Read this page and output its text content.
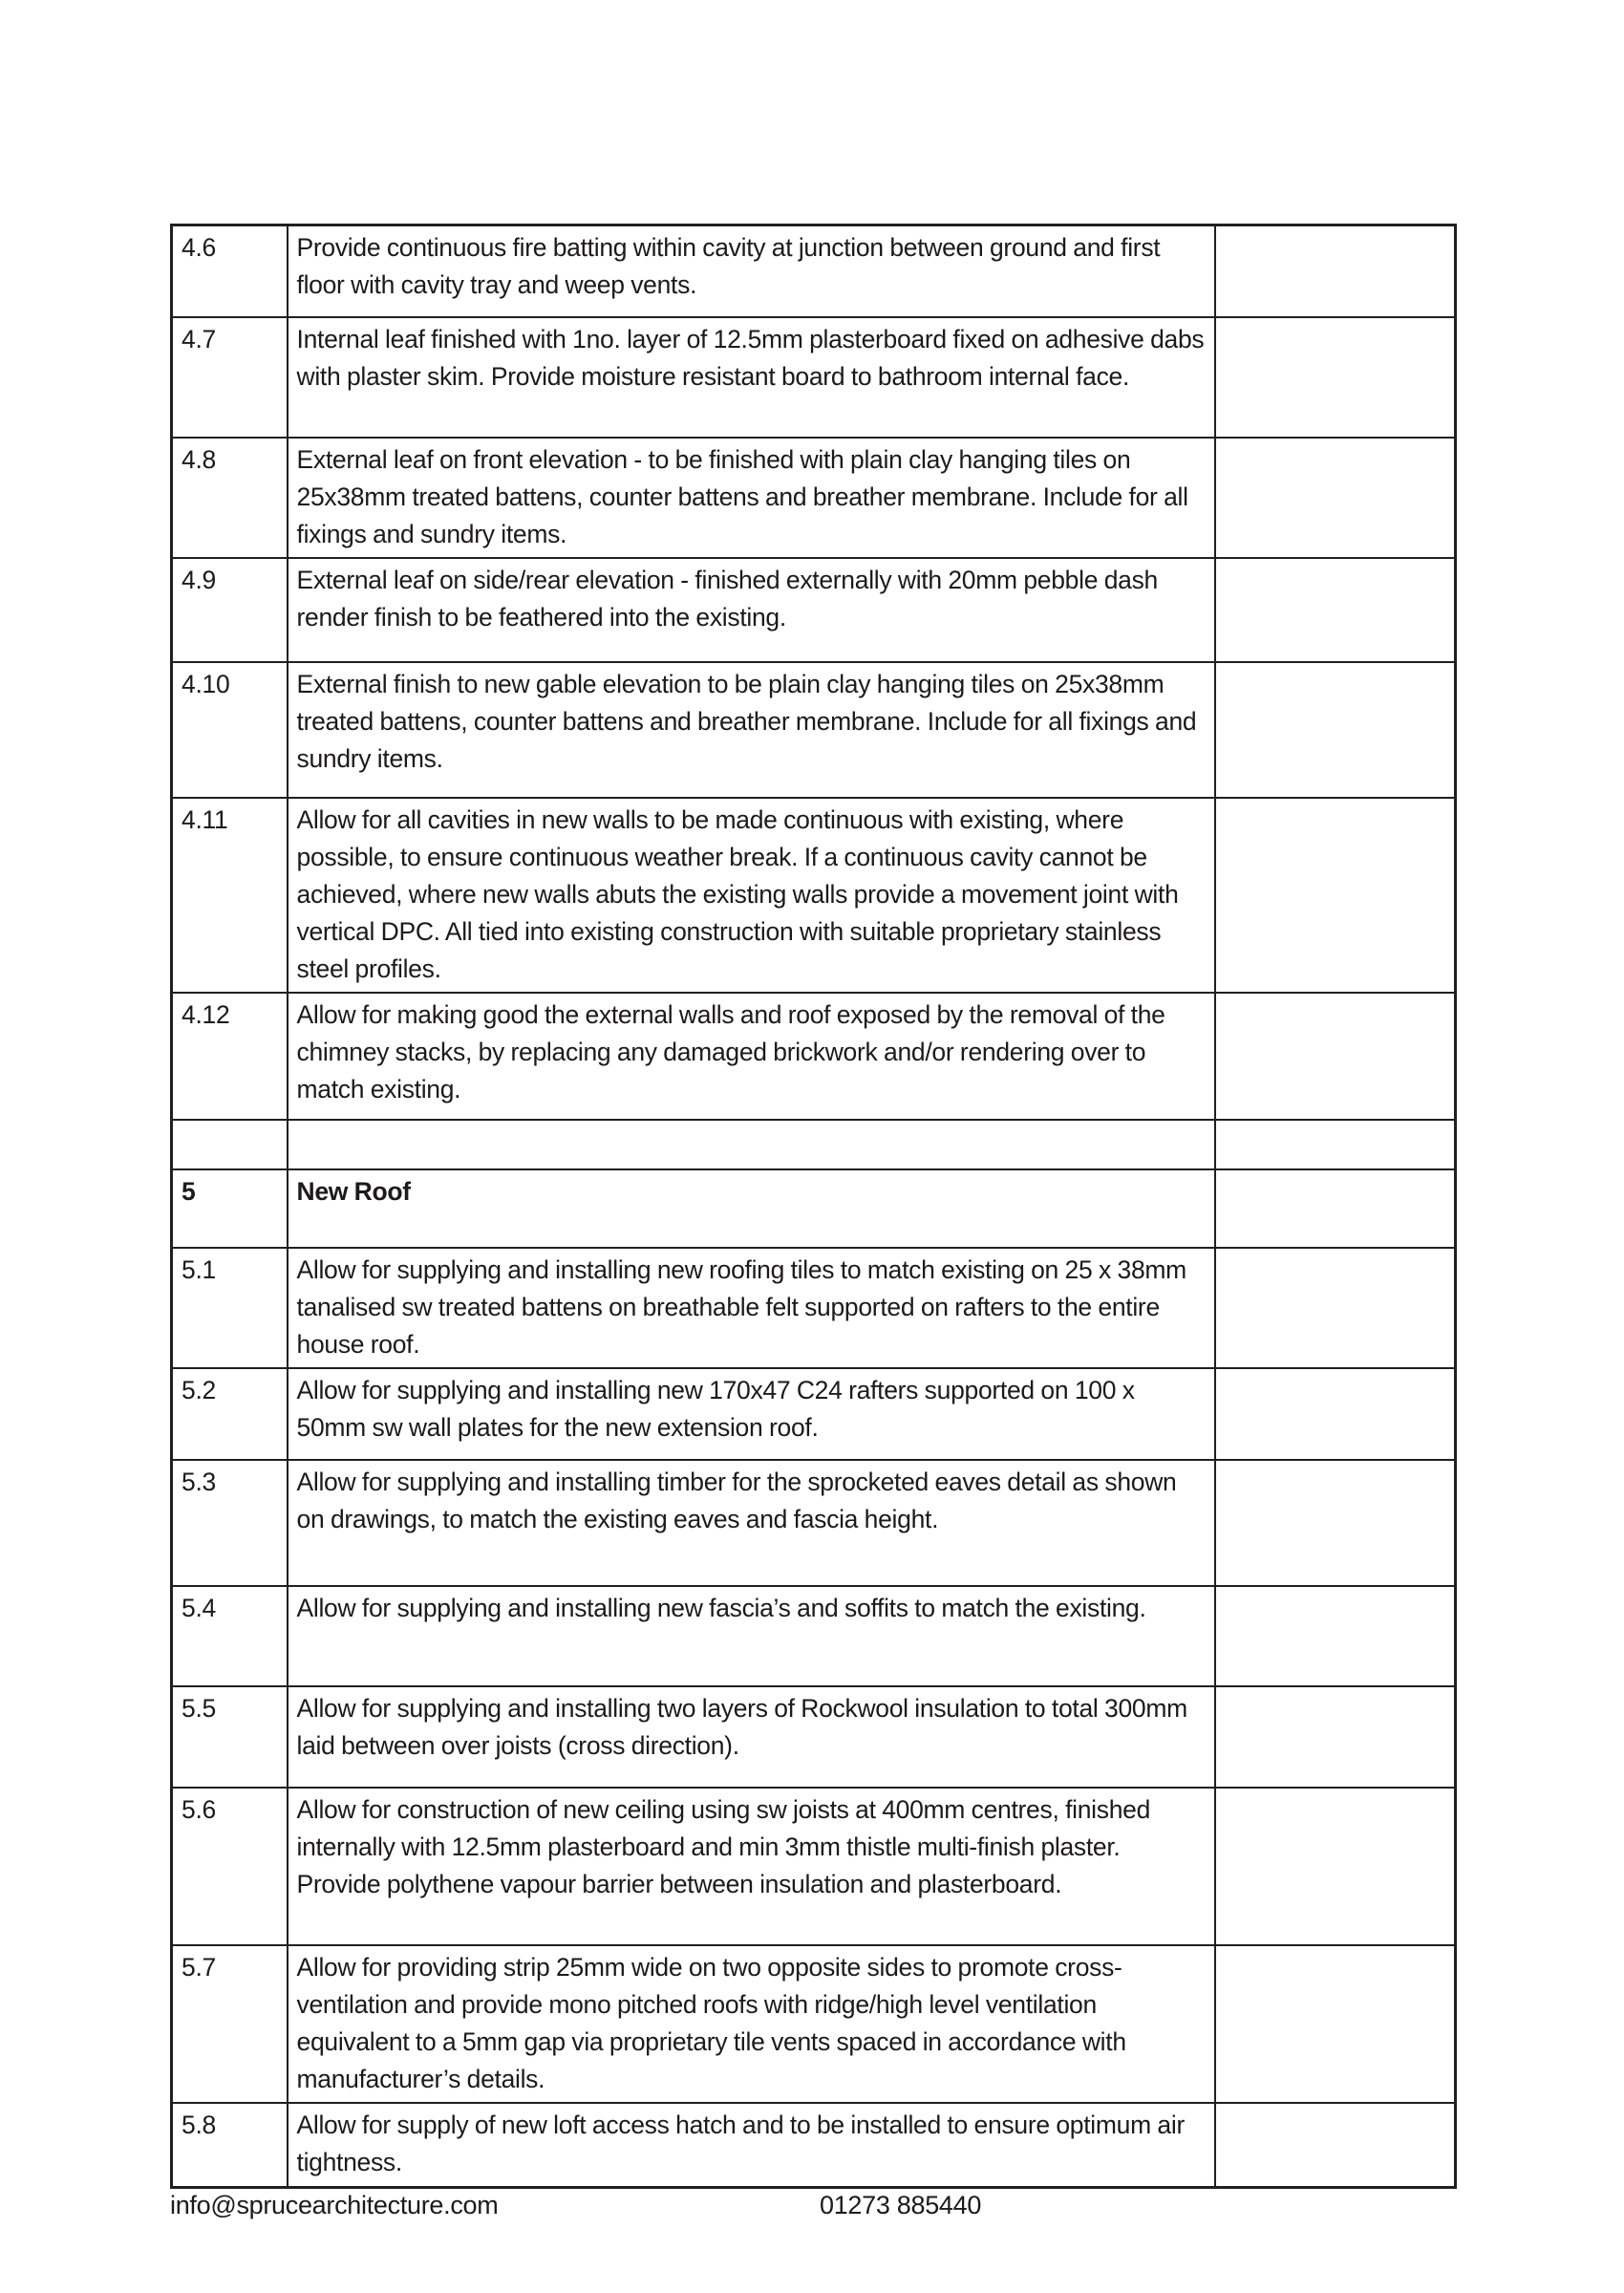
4.6	Provide continuous fire batting within cavity at junction between ground and first floor with cavity tray and weep vents.	
4.7	Internal leaf finished with 1no. layer of 12.5mm plasterboard fixed on adhesive dabs with plaster skim. Provide moisture resistant board to bathroom internal face.	
4.8	External leaf on front elevation - to be finished with plain clay hanging tiles on 25x38mm treated battens, counter battens and breather membrane. Include for all fixings and sundry items.	
4.9	External leaf on side/rear elevation - finished externally with 20mm pebble dash render finish to be feathered into the existing.	
4.10	External finish to new gable elevation to be plain clay hanging tiles on 25x38mm treated battens, counter battens and breather membrane. Include for all fixings and sundry items.	
4.11	Allow for all cavities in new walls to be made continuous with existing, where possible, to ensure continuous weather break. If a continuous cavity cannot be achieved, where new walls abuts the existing walls provide a movement joint with vertical DPC. All tied into existing construction with suitable proprietary stainless steel profiles.	
4.12	Allow for making good the external walls and roof exposed by the removal of the chimney stacks, by replacing any damaged brickwork and/or rendering over to match existing.	

5	New Roof	
5.1	Allow for supplying and installing new roofing tiles to match existing on 25 x 38mm tanalised sw treated battens on breathable felt supported on rafters to the entire house roof.	
5.2	Allow for supplying and installing new 170x47 C24 rafters supported on 100 x 50mm sw wall plates for the new extension roof.	
5.3	Allow for supplying and installing timber for the sprocketed eaves detail as shown on drawings, to match the existing eaves and fascia height.	
5.4	Allow for supplying and installing new fascia’s and soffits to match the existing.	
5.5	Allow for supplying and installing two layers of Rockwool insulation to total 300mm laid between over joists (cross direction).	
5.6	Allow for construction of new ceiling using sw joists at 400mm centres, finished internally with 12.5mm plasterboard and min 3mm thistle multi-finish plaster. Provide polythene vapour barrier between insulation and plasterboard.	
5.7	Allow for providing strip 25mm wide on two opposite sides to promote cross-ventilation and provide mono pitched roofs with ridge/high level ventilation equivalent to a 5mm gap via proprietary tile vents spaced in accordance with manufacturer’s details.	
5.8	Allow for supply of new loft access hatch and to be installed to ensure optimum air tightness.	
info@sprucearchitecture.com	01273 885440
